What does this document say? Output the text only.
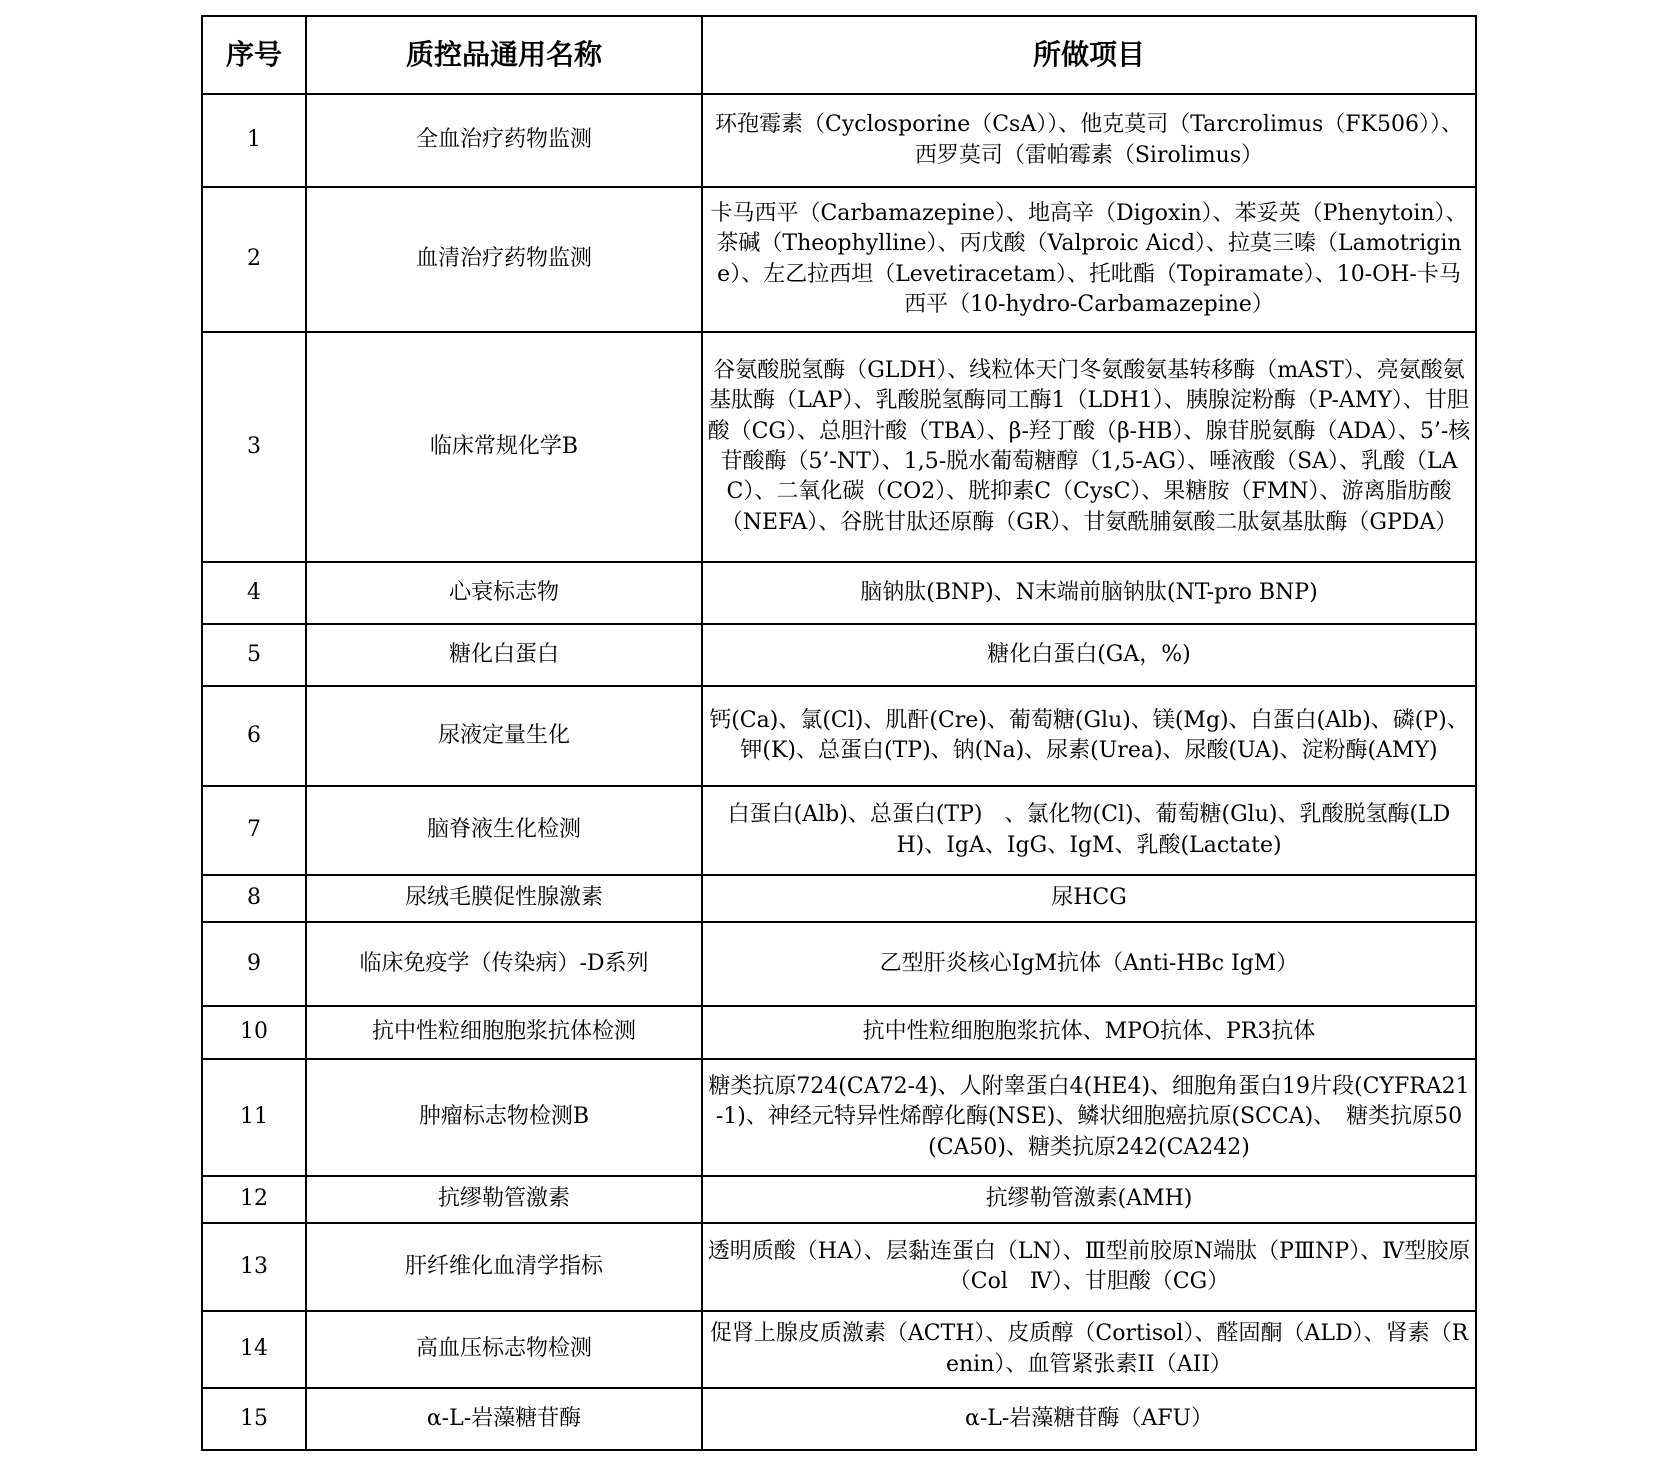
序号	质控品通用名称	所做项目
1	全血治疗药物监测	环孢霉素（Cyclosporine（CsA））、他克莫司（Tarcrolimus（FK506））、西罗莫司（雷帕霉素（Sirolimus）
2	血清治疗药物监测	卡马西平（Carbamazepine）、地高辛（Digoxin）、苯妥英（Phenytoin）、茶碱（Theophylline）、丙戊酸（Valproic Aicd）、拉莫三嗪（Lamotrigine）、左乙拉西坦（Levetiracetam）、托吡酯（Topiramate）、10-OH-卡马西平（10-hydro-Carbamazepine）
3	临床常规化学B	谷氨酸脱氢酶（GLDH）、线粒体天门冬氨酸氨基转移酶（mAST）、亮氨酸氨基肽酶（LAP）、乳酸脱氢酶同工酶1（LDH1）、胰腺淀粉酶（P-AMY）、甘胆酸（CG）、总胆汁酸（TBA）、β-羟丁酸（β-HB）、腺苷脱氨酶（ADA）、5’-核苷酸酶（5’-NT）、1,5-脱水葡萄糖醇（1,5-AG）、唾液酸（SA）、乳酸（LAC）、二氧化碳（CO2）、胱抑素C（CysC）、果糖胺（FMN）、游离脂肪酸（NEFA）、谷胱甘肽还原酶（GR）、甘氨酰脯氨酸二肽氨基肽酶（GPDA）
4	心衰标志物	脑钠肽(BNP)、N末端前脑钠肽(NT-pro BNP)
5	糖化白蛋白	糖化白蛋白(GA，%)
6	尿液定量生化	钙(Ca)、氯(Cl)、肌酐(Cre)、葡萄糖(Glu)、镁(Mg)、白蛋白(Alb)、磷(P)、钾(K)、总蛋白(TP)、钠(Na)、尿素(Urea)、尿酸(UA)、淀粉酶(AMY)
7	脑脊液生化检测	白蛋白(Alb)、总蛋白(TP)　、氯化物(Cl)、葡萄糖(Glu)、乳酸脱氢酶(LDH)、IgA、IgG、IgM、乳酸(Lactate)
8	尿绒毛膜促性腺激素	尿HCG
9	临床免疫学（传染病）-D系列	乙型肝炎核心IgM抗体（Anti-HBc IgM）
10	抗中性粒细胞胞浆抗体检测	抗中性粒细胞胞浆抗体、MPO抗体、PR3抗体
11	肿瘤标志物检测B	糖类抗原724(CA72-4)、人附睾蛋白4(HE4)、细胞角蛋白19片段(CYFRA21-1)、神经元特异性烯醇化酶(NSE)、鳞状细胞癌抗原(SCCA)、　糖类抗原50(CA50)、糖类抗原242(CA242)
12	抗缪勒管激素	抗缪勒管激素(AMH)
13	肝纤维化血清学指标	透明质酸（HA）、层黏连蛋白（LN）、Ⅲ型前胶原N端肽（PⅢNP）、Ⅳ型胶原（Col　Ⅳ）、甘胆酸（CG）
14	高血压标志物检测	促肾上腺皮质激素（ACTH）、皮质醇（Cortisol）、醛固酮（ALD）、肾素（Renin）、血管紧张素II（AII）
15	α-L-岩藻糖苷酶	α-L-岩藻糖苷酶（AFU）
